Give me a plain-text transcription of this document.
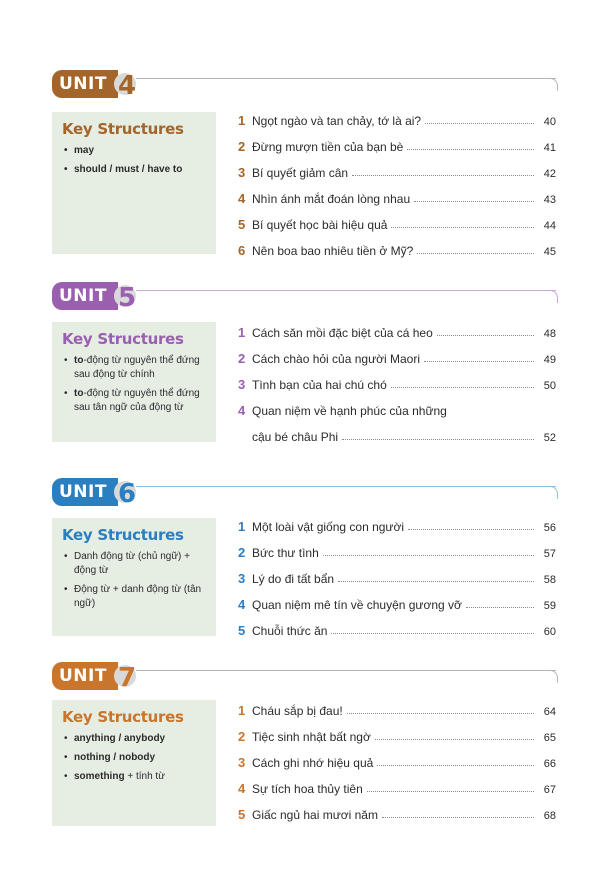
UNIT 4
Key Structures
• may
• should / must / have to
1 Ngọt ngào và tan chảy, tớ là ai?	40
2 Đừng mượn tiền của bạn bè	41
3 Bí quyết giảm cân	42
4 Nhìn ánh mắt đoán lòng nhau	43
5 Bí quyết học bài hiệu quả	44
6 Nên boa bao nhiêu tiền ở Mỹ?	45
UNIT 5
Key Structures
• to-động từ nguyên thể đứng sau động từ chính
• to-động từ nguyên thể đứng sau tân ngữ của động từ
1 Cách săn mồi đặc biệt của cá heo	48
2 Cách chào hỏi của người Maori	49
3 Tình bạn của hai chú chó	50
4 Quan niệm về hạnh phúc của những
cậu bé châu Phi	52
UNIT 6
Key Structures
• Danh động từ (chủ ngữ) + động từ
• Động từ + danh động từ (tân ngữ)
1 Một loài vật giống con người	56
2 Bức thư tình	57
3 Lý do đi tất bẩn	58
4 Quan niệm mê tín về chuyện gương vỡ	59
5 Chuỗi thức ăn	60
UNIT 7
Key Structures
• anything / anybody
• nothing / nobody
• something + tính từ
1 Cháu sắp bị đau!	64
2 Tiệc sinh nhật bất ngờ	65
3 Cách ghi nhớ hiệu quả	66
4 Sự tích hoa thủy tiên	67
5 Giấc ngủ hai mươi năm	68
